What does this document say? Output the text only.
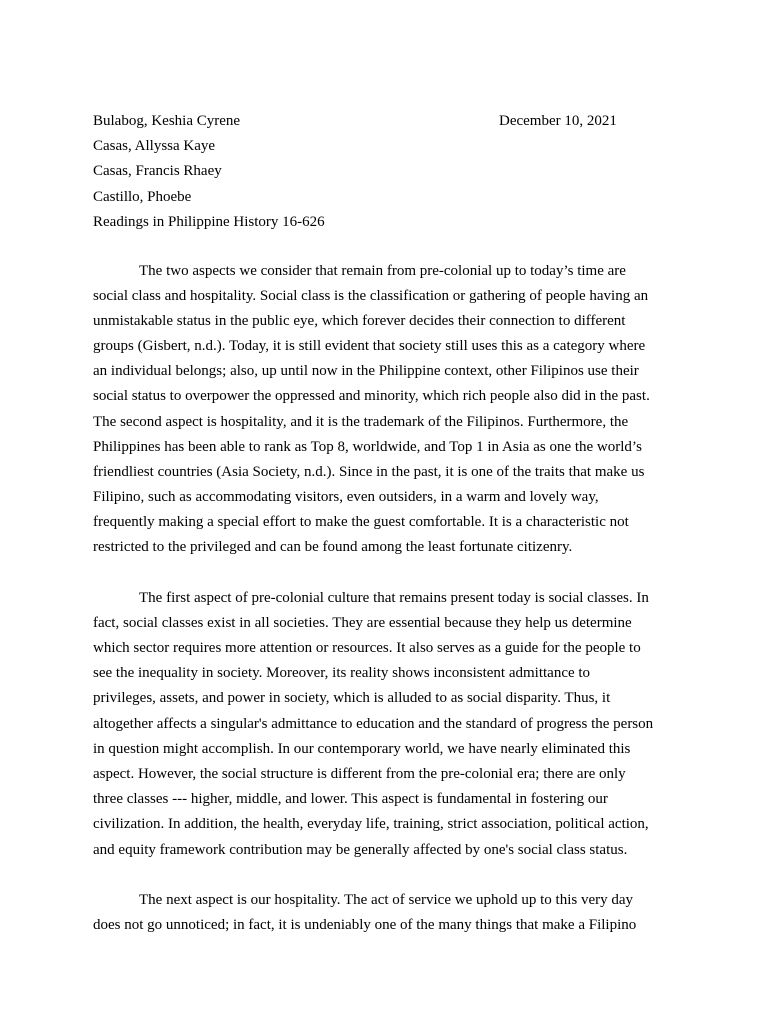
Bulabog, Keshia Cyrene	December 10, 2021

Casas, Allyssa Kaye

Casas, Francis Rhaey

Castillo, Phoebe

Readings in Philippine History 16-626

The two aspects we consider that remain from pre-colonial up to today’s time are

social class and hospitality. Social class is the classification or gathering of people having an

unmistakable status in the public eye, which forever decides their connection to different

groups (Gisbert, n.d.). Today, it is still evident that society still uses this as a category where

an individual belongs; also, up until now in the Philippine context, other Filipinos use their

social status to overpower the oppressed and minority, which rich people also did in the past.

The second aspect is hospitality, and it is the trademark of the Filipinos. Furthermore, the

Philippines has been able to rank as Top 8, worldwide, and Top 1 in Asia as one the world’s

friendliest countries (Asia Society, n.d.). Since in the past, it is one of the traits that make us

Filipino, such as accommodating visitors, even outsiders, in a warm and lovely way,

frequently making a special effort to make the guest comfortable. It is a characteristic not

restricted to the privileged and can be found among the least fortunate citizenry.

The first aspect of pre-colonial culture that remains present today is social classes. In

fact, social classes exist in all societies. They are essential because they help us determine

which sector requires more attention or resources. It also serves as a guide for the people to

see the inequality in society. Moreover, its reality shows inconsistent admittance to

privileges, assets, and power in society, which is alluded to as social disparity. Thus, it

altogether affects a singular's admittance to education and the standard of progress the person

in question might accomplish. In our contemporary world, we have nearly eliminated this

aspect. However, the social structure is different from the pre-colonial era; there are only

three classes --- higher, middle, and lower. This aspect is fundamental in fostering our

civilization. In addition, the health, everyday life, training, strict association, political action,

and equity framework contribution may be generally affected by one's social class status.

The next aspect is our hospitality. The act of service we uphold up to this very day

does not go unnoticed; in fact, it is undeniably one of the many things that make a Filipino
